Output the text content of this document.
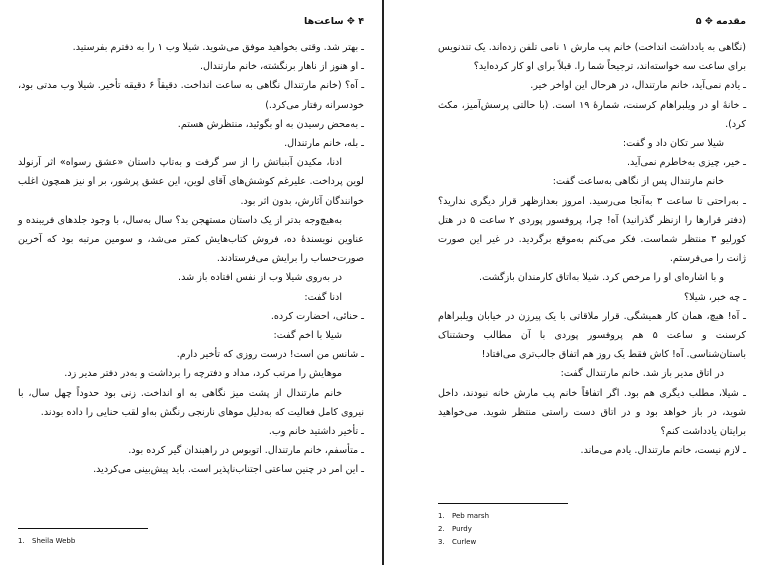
۴ ✥ ساعت‌ها

ـ بهتر شد. وقتی بخواهید موفق می‌شوید. شیلا وب ۱ را به دفترم بفرستید.

ـ او هنوز از ناهار برنگشته، خانم مارتندال.

ـ آه؟ (خانم مارتندال نگاهی به ساعت انداخت. دقیقاً ۶ دقیقه تأخیر. شیلا وب مدتی بود، خودسرانه رفتار می‌کرد.)

ـ به‌محض رسیدن به او بگوئید، منتظرش هستم.

ـ بله، خانم مارتندال.

ادنا، مکیدن آبنباتش را از سر گرفت و به‌تاپ داستان «عشق رسواه» اثر آرنولد لوین پرداخت. علیرغم کوشش‌های آقای لوین، این عشق پرشور، بر او نیز همچون اغلب خوانندگان آثارش، بدون اثر بود.

به‌هیچ‌وجه بدتر از یک داستان مستهجن بد؟ سال به‌سال، با وجود جلدهای فریبنده و عناوین نویسندهٔ ده، فروش کتاب‌هایش کمتر می‌شد، و سومین مرتبه بود که آخرین صورت‌حساب را برایش می‌فرستادند.

در به‌روی شیلا وب از نفس افتاده باز شد.

ادنا گفت:

ـ حنائی، احضارت کرده.

شیلا با اخم گفت:

ـ شانس من است! درست روزی که تأخیر دارم.

موهایش را مرتب کرد، مداد و دفترچه را برداشت و به‌در دفتر مدیر زد.

خانم مارتندال از پشت میز نگاهی به او انداخت. زنی بود حدوداً چهل سال، با نیروی کامل فعالیت که به‌دلیل موهای نارنجی رنگش به‌او لقب حنایی را داده بودند.

ـ تأخیر داشتید خانم وب.

ـ متأسفم، خانم مارتندال. اتوبوس در راهبندان گیر کرده بود.

ـ این امر در چنین ساعتی اجتناب‌ناپذیر است. باید پیش‌بینی می‌کردید.

1. Sheila Webb
مقدمه ✥ ۵

(نگاهی به یادداشت انداخت) خانم پب مارش ۱ نامی تلفن زده‌اند. یک تندنویس برای ساعت سه خواسته‌اند، ترجیحاً شما را. قبلاً برای او کار کرده‌اید؟

ـ یادم نمی‌آید، خانم مارتندال، در هرحال این اواخر خیر.

ـ خانهٔ او در ویلبراهام کرسنت، شمارهٔ ۱۹ است. (با حالتی پرسش‌آمیز، مکث کرد).

شیلا سر تکان داد و گفت:

ـ خیر، چیزی به‌خاطرم نمی‌آید.

خانم مارتندال پس از نگاهی به‌ساعت گفت:

ـ به‌راحتی تا ساعت ۳ به‌آنجا می‌رسید. امروز بعدازظهر قرار دیگری ندارید؟ (دفتر قرارها را ازنظر گذرانید) آه! چرا، پروفسور پوردی ۲ ساعت ۵ در هتل کورلیو ۳ منتظر شماست. فکر می‌کنم به‌موقع برگردید. در غیر این صورت ژانت را می‌فرستم.

و با اشاره‌ای او را مرخص کرد. شیلا به‌اتاق کارمندان بازگشت.

ـ چه خبر، شیلا؟

ـ آه! هیچ، همان کار همیشگی. قرار ملاقاتی با یک پیرزن در خیابان ویلبراهام کرسنت و ساعت ۵ هم پروفسور پوردی با آن مطالب وحشتناک باستان‌شناسی. آه! کاش فقط یک روز هم اتفاق جالب‌تری می‌افتاد!

در اتاق مدیر باز شد. خانم مارتندال گفت:

ـ شیلا، مطلب دیگری هم بود. اگر اتفاقاً خانم پب مارش خانه نبودند، داخل شوید، در باز خواهد بود و در اتاق دست راستی منتظر شوید. می‌خواهید برایتان یادداشت کنم؟

ـ لازم نیست، خانم مارتندال. یادم می‌ماند.

1. Peb marsh
2. Purdy
3. Curlew
